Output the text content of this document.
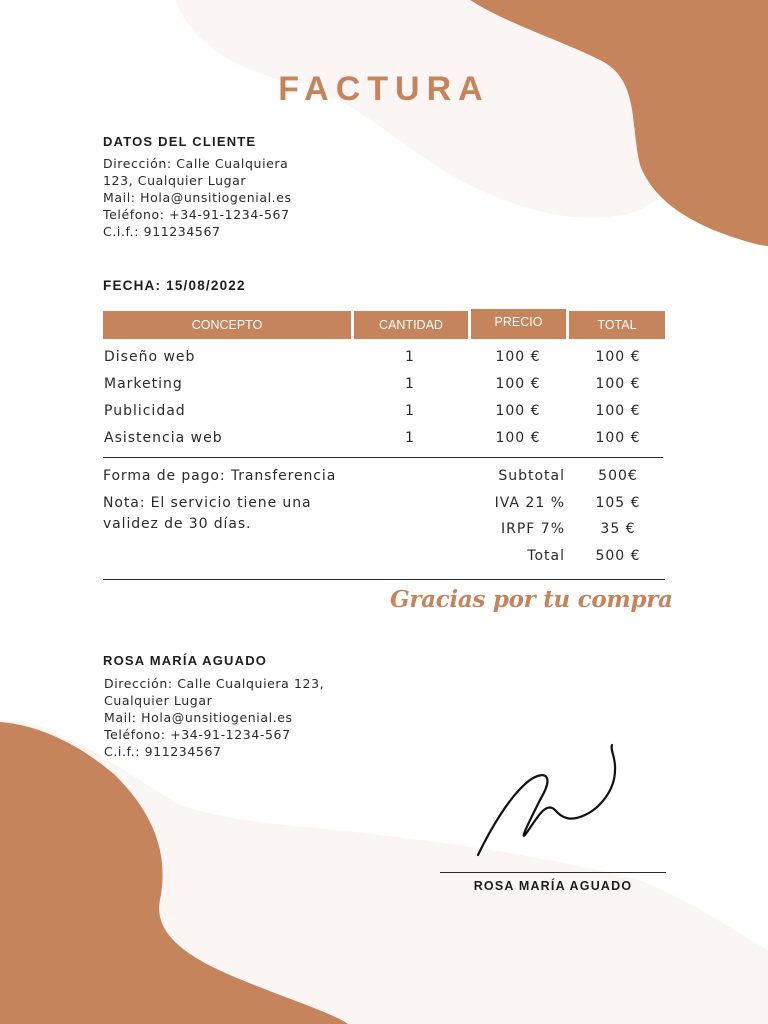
FACTURA
DATOS DEL CLIENTE
Dirección: Calle Cualquiera
123, Cualquier Lugar
Mail: Hola@unsitiogenial.es
Teléfono: +34-91-1234-567
C.i.f.: 911234567
FECHA: 15/08/2022
CONCEPTO	CANTIDAD	PRECIO	TOTAL
Diseño web	1	100 €	100 €
Marketing	1	100 €	100 €
Publicidad	1	100 €	100 €
Asistencia web	1	100 €	100 €
Forma de pago: Transferencia
Nota: El servicio tiene una
validez de 30 días.
Subtotal	500€
IVA 21 %	105 €
IRPF 7%	35 €
Total	500 €
Gracias por tu compra
ROSA MARÍA AGUADO
Dirección: Calle Cualquiera 123,
Cualquier Lugar
Mail: Hola@unsitiogenial.es
Teléfono: +34-91-1234-567
C.i.f.: 911234567
ROSA MARÍA AGUADO
